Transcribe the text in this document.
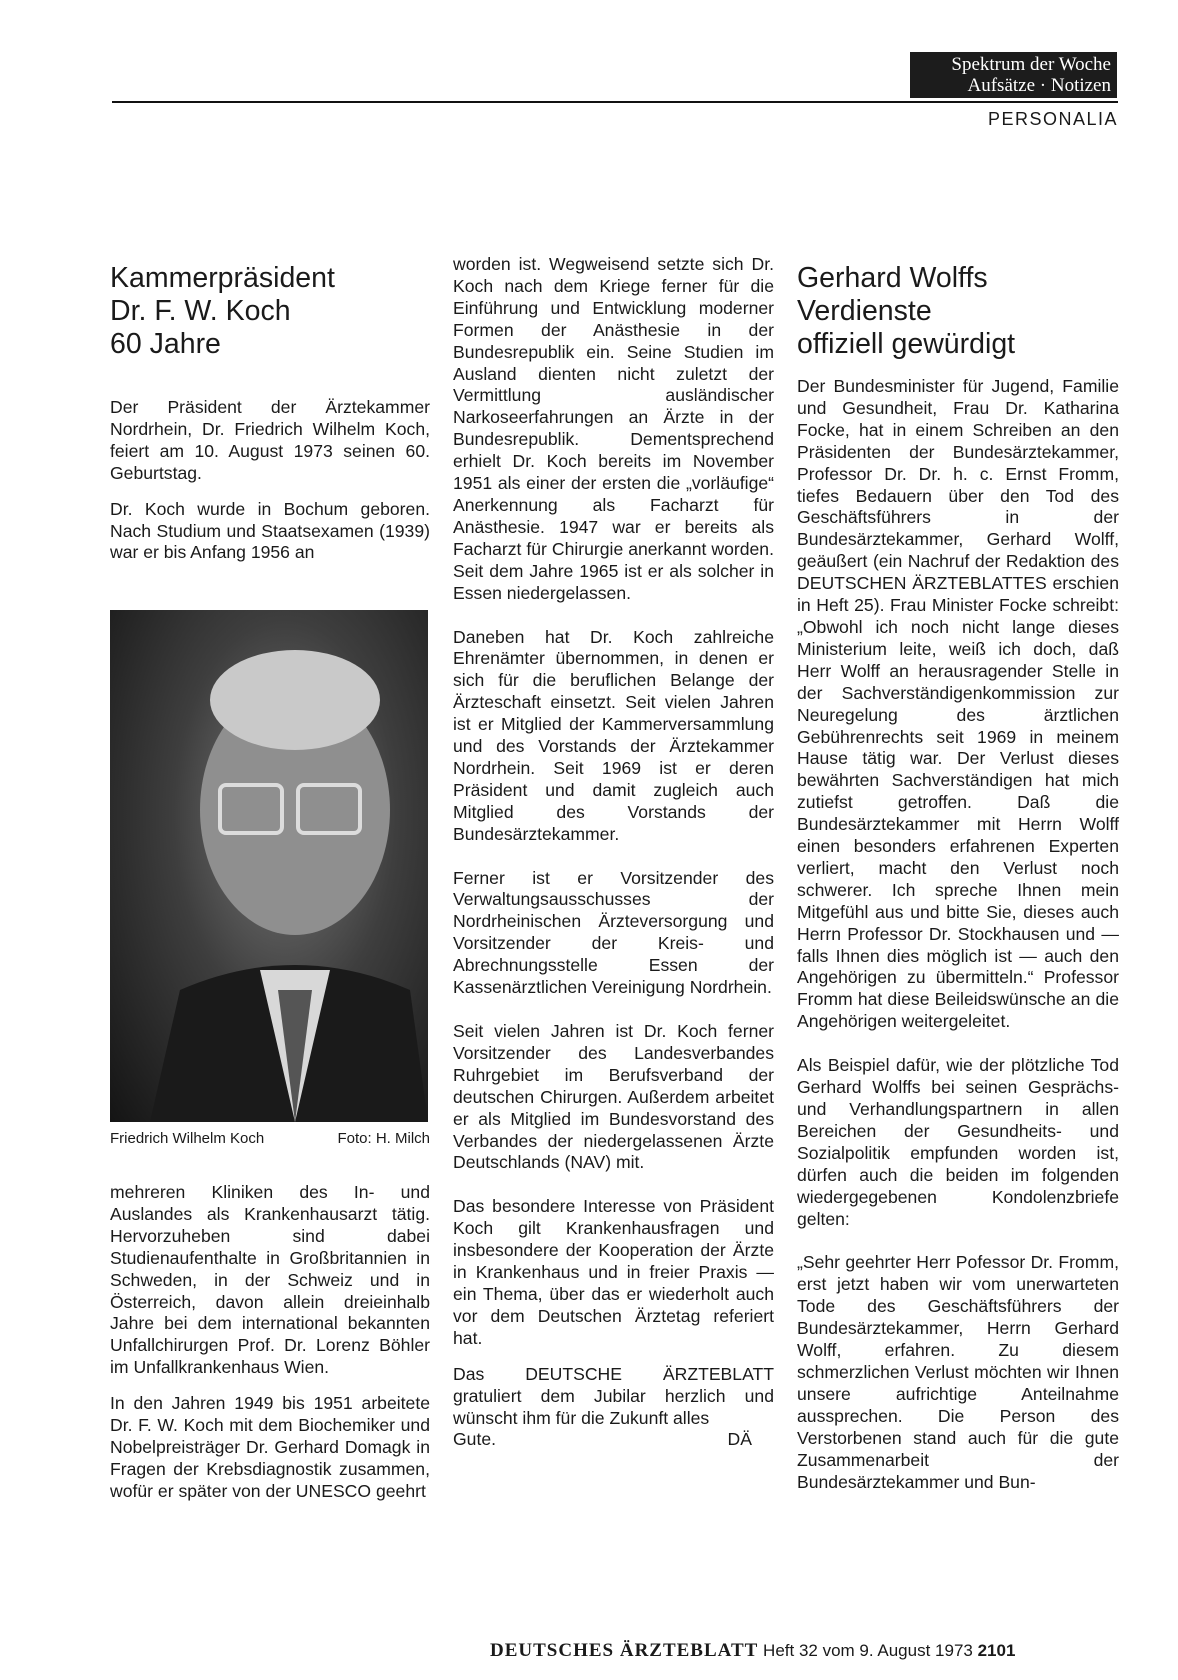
Spektrum der Woche
Aufsätze · Notizen
PERSONALIA
Kammerpräsident
Dr. F. W. Koch
60 Jahre

Der Präsident der Ärztekammer Nordrhein, Dr. Friedrich Wilhelm Koch, feiert am 10. August 1973 seinen 60. Geburtstag.

Dr. Koch wurde in Bochum geboren. Nach Studium und Staatsexamen (1939) war er bis Anfang 1956 an

Friedrich Wilhelm Koch	Foto: H. Milch

mehreren Kliniken des In- und Auslandes als Krankenhausarzt tätig. Hervorzuheben sind dabei Studienaufenthalte in Großbritannien in Schweden, in der Schweiz und in Österreich, davon allein dreieinhalb Jahre bei dem international bekannten Unfallchirurgen Prof. Dr. Lorenz Böhler im Unfallkrankenhaus Wien.

In den Jahren 1949 bis 1951 arbeitete Dr. F. W. Koch mit dem Biochemiker und Nobelpreisträger Dr. Gerhard Domagk in Fragen der Krebsdiagnostik zusammen, wofür er später von der UNESCO geehrt

worden ist. Wegweisend setzte sich Dr. Koch nach dem Kriege ferner für die Einführung und Entwicklung moderner Formen der Anästhesie in der Bundesrepublik ein. Seine Studien im Ausland dienten nicht zuletzt der Vermittlung ausländischer Narkoseerfahrungen an Ärzte in der Bundesrepublik. Dementsprechend erhielt Dr. Koch bereits im November 1951 als einer der ersten die „vorläufige“ Anerkennung als Facharzt für Anästhesie. 1947 war er bereits als Facharzt für Chirurgie anerkannt worden. Seit dem Jahre 1965 ist er als solcher in Essen niedergelassen.

Daneben hat Dr. Koch zahlreiche Ehrenämter übernommen, in denen er sich für die beruflichen Belange der Ärzteschaft einsetzt. Seit vielen Jahren ist er Mitglied der Kammerversammlung und des Vorstands der Ärztekammer Nordrhein. Seit 1969 ist er deren Präsident und damit zugleich auch Mitglied des Vorstands der Bundesärztekammer.

Ferner ist er Vorsitzender des Verwaltungsausschusses der Nordrheinischen Ärzteversorgung und Vorsitzender der Kreis- und Abrechnungsstelle Essen der Kassenärztlichen Vereinigung Nordrhein.

Seit vielen Jahren ist Dr. Koch ferner Vorsitzender des Landesverbandes Ruhrgebiet im Berufsverband der deutschen Chirurgen. Außerdem arbeitet er als Mitglied im Bundesvorstand des Verbandes der niedergelassenen Ärzte Deutschlands (NAV) mit.

Das besondere Interesse von Präsident Koch gilt Krankenhausfragen und insbesondere der Kooperation der Ärzte in Krankenhaus und in freier Praxis — ein Thema, über das er wiederholt auch vor dem Deutschen Ärztetag referiert hat.

Das DEUTSCHE ÄRZTEBLATT gratuliert dem Jubilar herzlich und wünscht ihm für die Zukunft alles

Gute.	DÄ
Gerhard Wolffs
Verdienste
offiziell gewürdigt

Der Bundesminister für Jugend, Familie und Gesundheit, Frau Dr. Katharina Focke, hat in einem Schreiben an den Präsidenten der Bundesärztekammer, Professor Dr. Dr. h. c. Ernst Fromm, tiefes Bedauern über den Tod des Geschäftsführers in der Bundesärztekammer, Gerhard Wolff, geäußert (ein Nachruf der Redaktion des DEUTSCHEN ÄRZTEBLATTES erschien in Heft 25). Frau Minister Focke schreibt: „Obwohl ich noch nicht lange dieses Ministerium leite, weiß ich doch, daß Herr Wolff an herausragender Stelle in der Sachverständigenkommission zur Neuregelung des ärztlichen Gebührenrechts seit 1969 in meinem Hause tätig war. Der Verlust dieses bewährten Sachverständigen hat mich zutiefst getroffen. Daß die Bundesärztekammer mit Herrn Wolff einen besonders erfahrenen Experten verliert, macht den Verlust noch schwerer. Ich spreche Ihnen mein Mitgefühl aus und bitte Sie, dieses auch Herrn Professor Dr. Stockhausen und — falls Ihnen dies möglich ist — auch den Angehörigen zu übermitteln.“ Professor Fromm hat diese Beileidswünsche an die Angehörigen weitergeleitet.

Als Beispiel dafür, wie der plötzliche Tod Gerhard Wolffs bei seinen Gesprächs- und Verhandlungspartnern in allen Bereichen der Gesundheits- und Sozialpolitik empfunden worden ist, dürfen auch die beiden im folgenden wiedergegebenen Kondolenzbriefe gelten:

„Sehr geehrter Herr Pofessor Dr. Fromm, erst jetzt haben wir vom unerwarteten Tode des Geschäftsführers der Bundesärztekammer, Herrn Gerhard Wolff, erfahren. Zu diesem schmerzlichen Verlust möchten wir Ihnen unsere aufrichtige Anteilnahme aussprechen. Die Person des Verstorbenen stand auch für die gute Zusammenarbeit der Bundesärztekammer und Bun-

DEUTSCHES ÄRZTEBLATT Heft 32 vom 9. August 1973 2101
